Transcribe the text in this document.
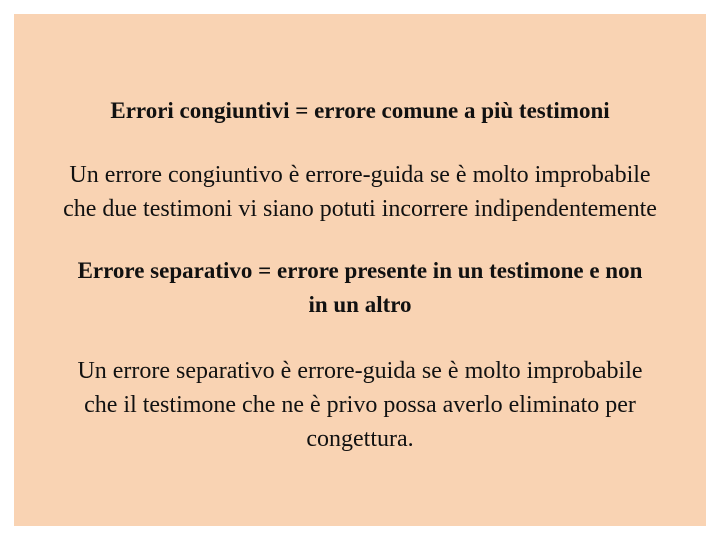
Errori congiuntivi = errore comune a più testimoni
Un errore congiuntivo è errore-guida se è molto improbabile
che due testimoni vi siano potuti incorrere indipendentemente
Errore separativo = errore presente in un testimone e non
in un altro
Un errore separativo è errore-guida se è molto improbabile
che il testimone che ne è privo possa averlo eliminato per
congettura.
